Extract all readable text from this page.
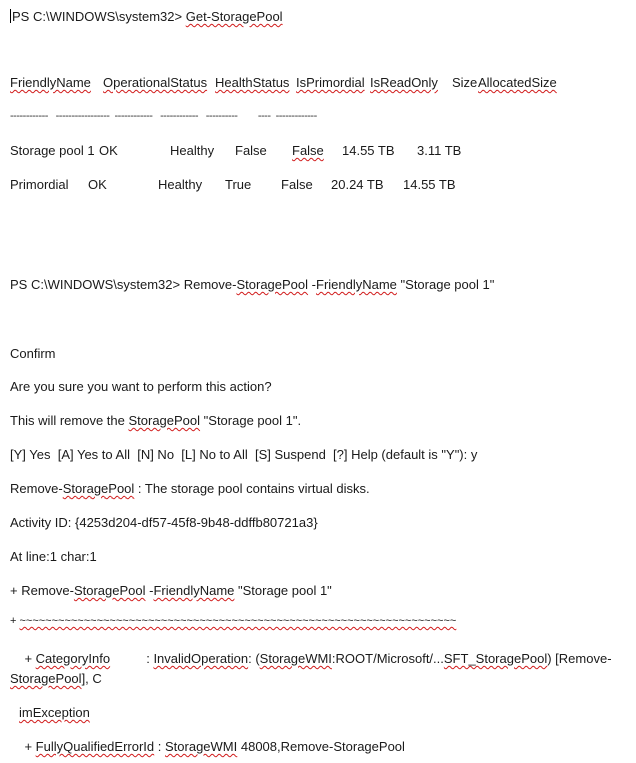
PS C:\WINDOWS\system32> Get-StoragePool
FriendlyName OperationalStatus HealthStatus IsPrimordial IsReadOnly Size AllocatedSize
------------   -----------------  ------------   ------------   ----------        ----  -------------
Storage pool 1 OK	Healthy False False 14.55 TB 3.11 TB
Primordial OK	Healthy True False 20.24 TB 14.55 TB
PS C:\WINDOWS\system32> Remove-StoragePool -FriendlyName "Storage pool 1"
Confirm
Are you sure you want to perform this action?
This will remove the StoragePool "Storage pool 1".
[Y] Yes  [A] Yes to All  [N] No  [L] No to All  [S] Suspend  [?] Help (default is "Y"): y
Remove-StoragePool : The storage pool contains virtual disks.
Activity ID: {4253d204-df57-45f8-9b48-ddffb80721a3}
At line:1 char:1
+ Remove-StoragePool -FriendlyName "Storage pool 1"
+ ~~~~~~~~~~~~~~~~~~~~~~~~~~~~~~~~~~~~~~~~~~~~~~~~~~~~~~~~~~~~~~~~~~~~
+ CategoryInfo          : InvalidOperation: (StorageWMI:ROOT/Microsoft/...SFT_StoragePool) [Remove-StoragePool], C
imException
+ FullyQualifiedErrorId : StorageWMI 48008,Remove-StoragePool
